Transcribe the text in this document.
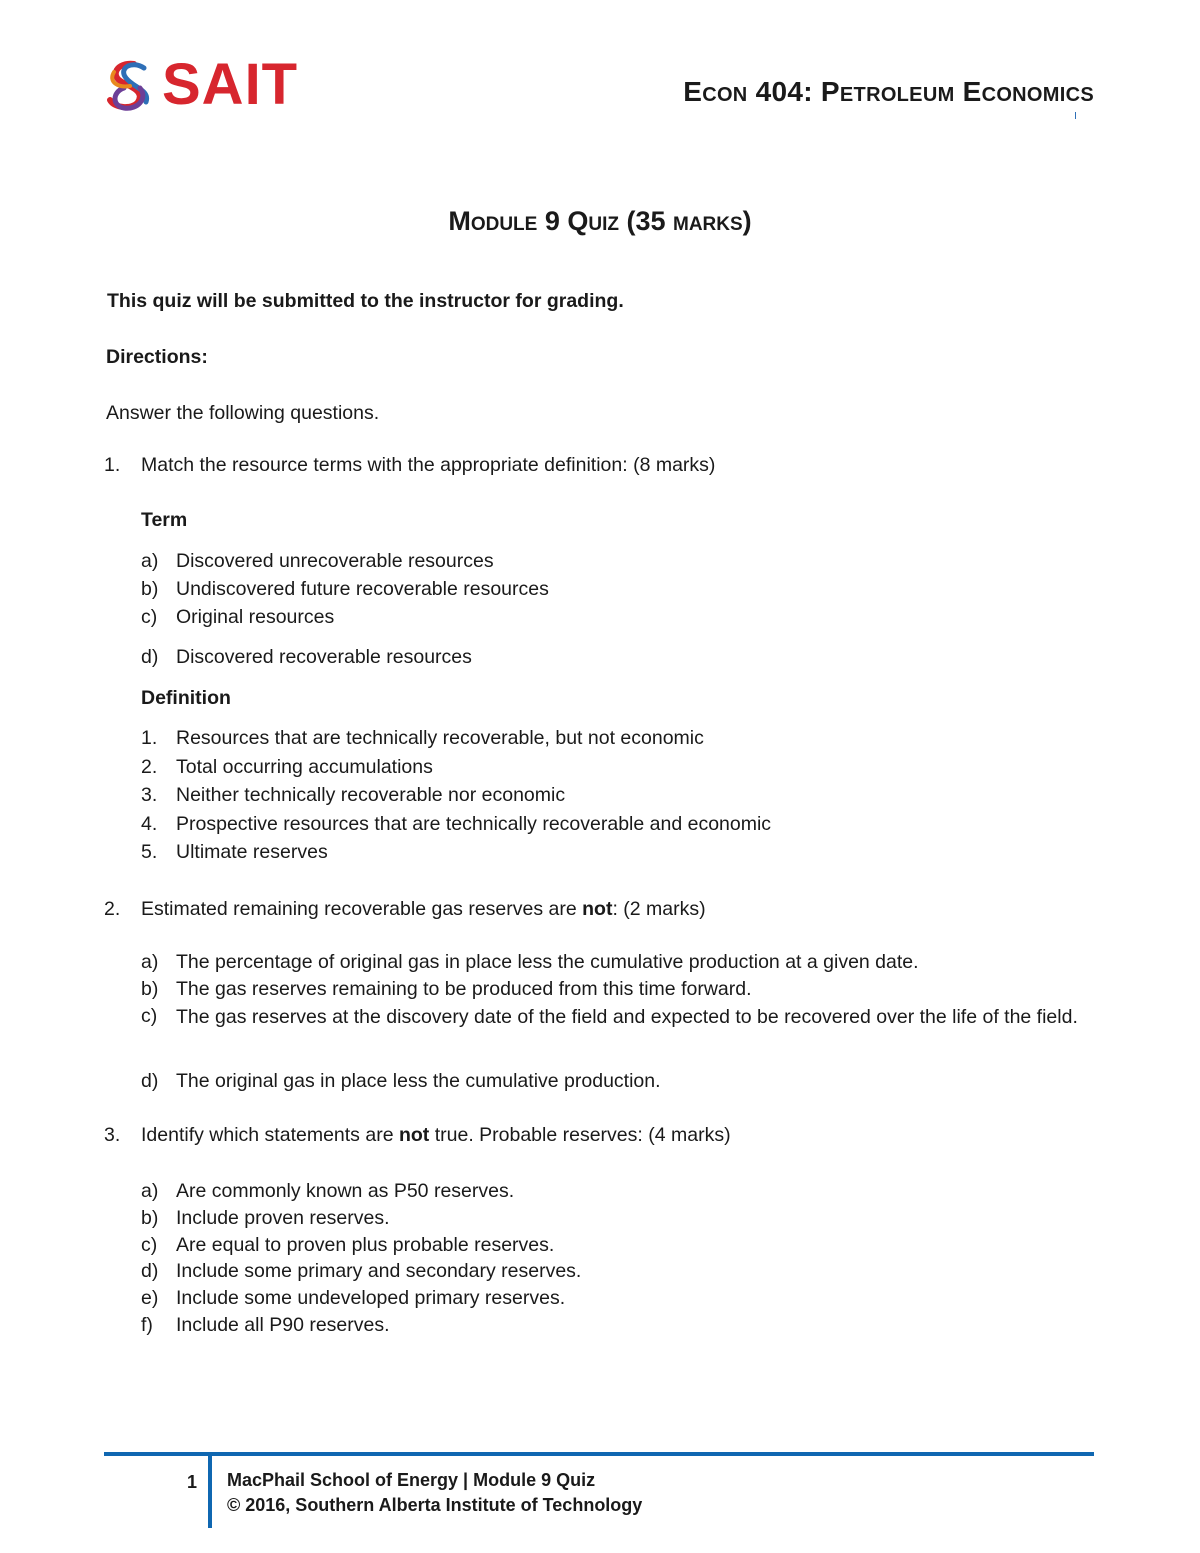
SAIT	Econ 404: Petroleum Economics
Module 9 Quiz (35 marks)
This quiz will be submitted to the instructor for grading.
Directions:
Answer the following questions.
1. Match the resource terms with the appropriate definition: (8 marks)
Term
a) Discovered unrecoverable resources
b) Undiscovered future recoverable resources
c) Original resources
d) Discovered recoverable resources
Definition
1. Resources that are technically recoverable, but not economic
2. Total occurring accumulations
3. Neither technically recoverable nor economic
4. Prospective resources that are technically recoverable and economic
5. Ultimate reserves
2. Estimated remaining recoverable gas reserves are not: (2 marks)
a) The percentage of original gas in place less the cumulative production at a given date.
b) The gas reserves remaining to be produced from this time forward.
c) The gas reserves at the discovery date of the field and expected to be recovered over the life of the field.
d) The original gas in place less the cumulative production.
3. Identify which statements are not true. Probable reserves: (4 marks)
a) Are commonly known as P50 reserves.
b) Include proven reserves.
c) Are equal to proven plus probable reserves.
d) Include some primary and secondary reserves.
e) Include some undeveloped primary reserves.
f) Include all P90 reserves.
1 MacPhail School of Energy | Module 9 Quiz
© 2016, Southern Alberta Institute of Technology
